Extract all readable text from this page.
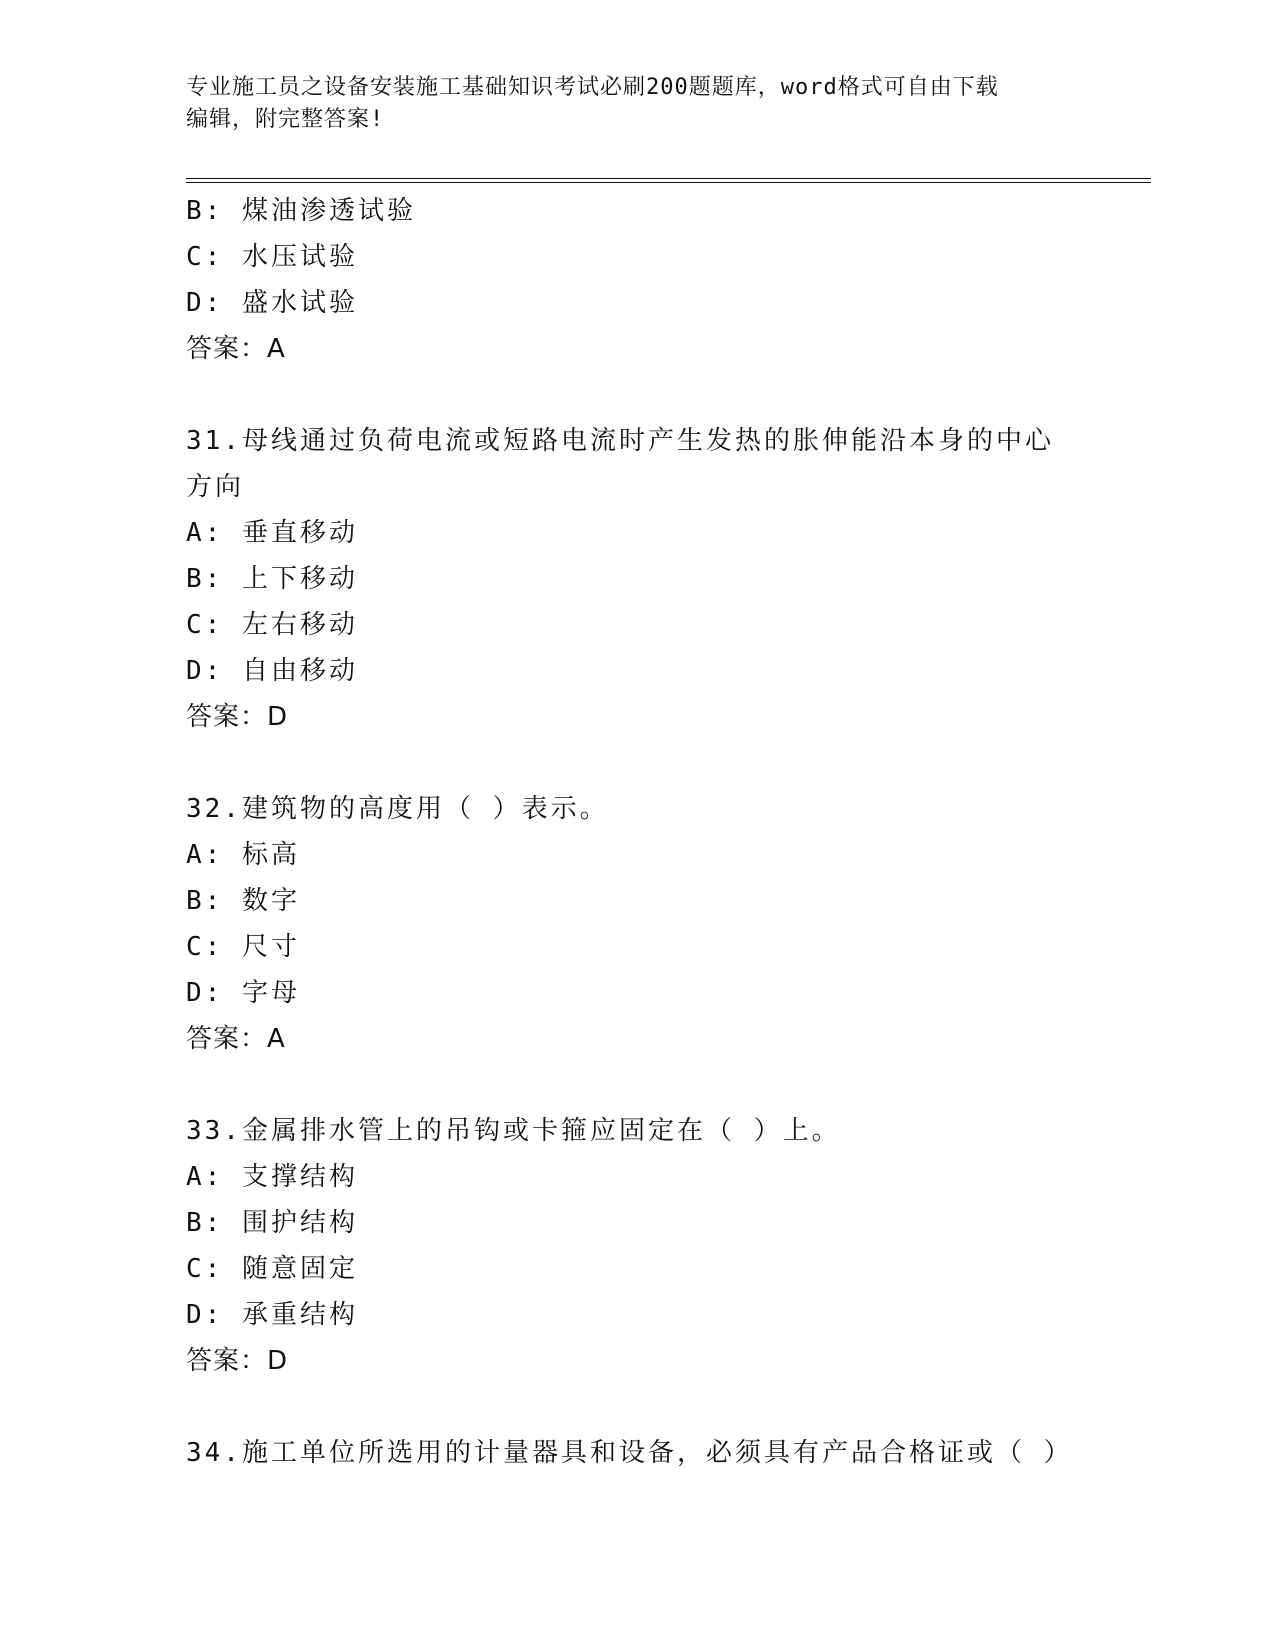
专业施工员之设备安装施工基础知识考试必刷200题题库，word格式可自由下载
编辑，附完整答案!
B: 煤油渗透试验
C: 水压试验
D: 盛水试验
答案：A
31.母线通过负荷电流或短路电流时产生发热的胀伸能沿本身的中心方向
A: 垂直移动
B: 上下移动
C: 左右移动
D: 自由移动
答案：D
32.建筑物的高度用（ ）表示。
A: 标高
B: 数字
C: 尺寸
D: 字母
答案：A
33.金属排水管上的吊钩或卡箍应固定在（ ）上。
A: 支撑结构
B: 围护结构
C: 随意固定
D: 承重结构
答案：D
34.施工单位所选用的计量器具和设备，必须具有产品合格证或（ ）
